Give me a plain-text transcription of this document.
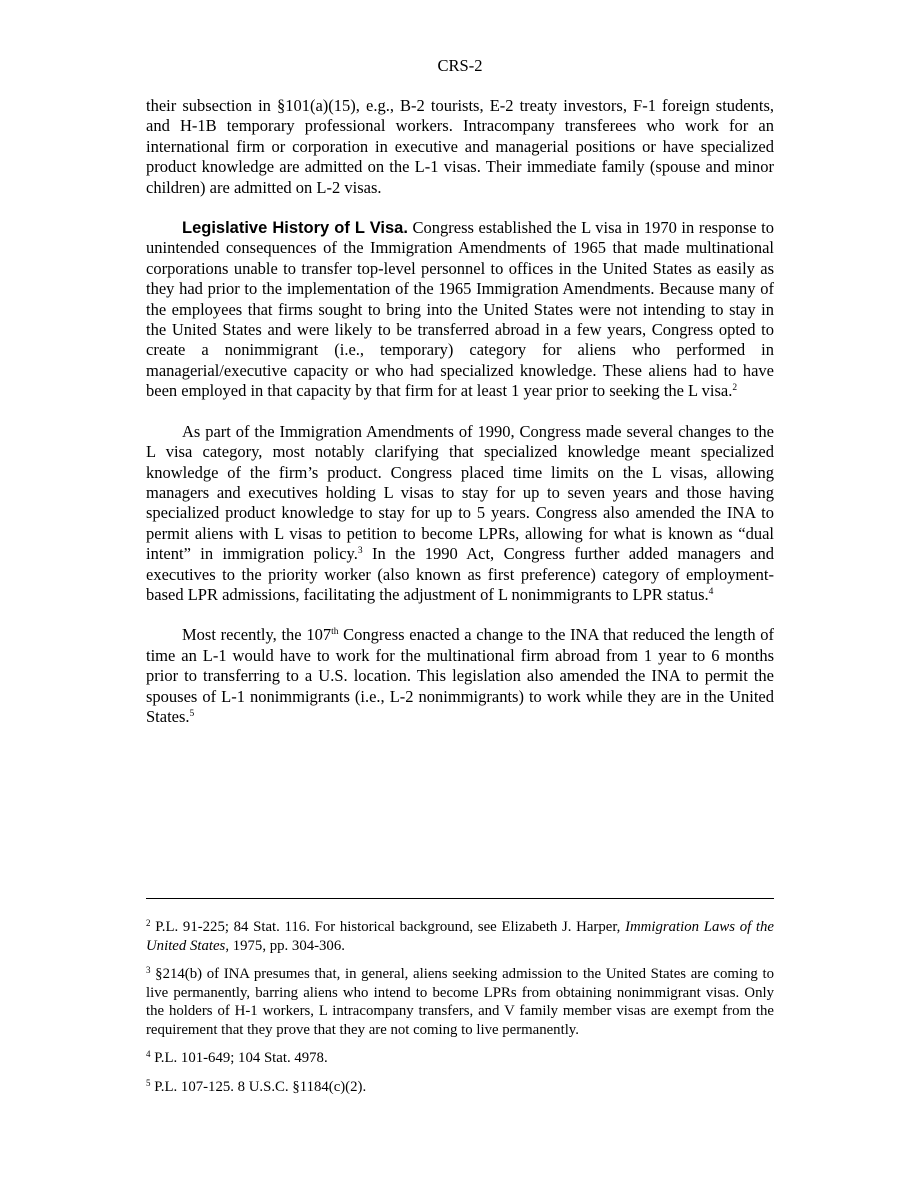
CRS-2

their subsection in §101(a)(15), e.g., B-2 tourists, E-2 treaty investors, F-1 foreign students, and H-1B temporary professional workers. Intracompany transferees who work for an international firm or corporation in executive and managerial positions or have specialized product knowledge are admitted on the L-1 visas. Their immediate family (spouse and minor children) are admitted on L-2 visas.

Legislative History of L Visa. Congress established the L visa in 1970 in response to unintended consequences of the Immigration Amendments of 1965 that made multinational corporations unable to transfer top-level personnel to offices in the United States as easily as they had prior to the implementation of the 1965 Immigration Amendments. Because many of the employees that firms sought to bring into the United States were not intending to stay in the United States and were likely to be transferred abroad in a few years, Congress opted to create a nonimmigrant (i.e., temporary) category for aliens who performed in managerial/executive capacity or who had specialized knowledge. These aliens had to have been employed in that capacity by that firm for at least 1 year prior to seeking the L visa.$^2$

As part of the Immigration Amendments of 1990, Congress made several changes to the L visa category, most notably clarifying that specialized knowledge meant specialized knowledge of the firm’s product. Congress placed time limits on the L visas, allowing managers and executives holding L visas to stay for up to seven years and those having specialized product knowledge to stay for up to 5 years. Congress also amended the INA to permit aliens with L visas to petition to become LPRs, allowing for what is known as “dual intent” in immigration policy.$^3$ In the 1990 Act, Congress further added managers and executives to the priority worker (also known as first preference) category of employment-based LPR admissions, facilitating the adjustment of L nonimmigrants to LPR status.$^4$

Most recently, the 107th Congress enacted a change to the INA that reduced the length of time an L-1 would have to work for the multinational firm abroad from 1 year to 6 months prior to transferring to a U.S. location. This legislation also amended the INA to permit the spouses of L-1 nonimmigrants (i.e., L-2 nonimmigrants) to work while they are in the United States.$^5$

$^2$ P.L. 91-225; 84 Stat. 116. For historical background, see Elizabeth J. Harper, Immigration Laws of the United States, 1975, pp. 304-306.

$^3$ §214(b) of INA presumes that, in general, aliens seeking admission to the United States are coming to live permanently, barring aliens who intend to become LPRs from obtaining nonimmigrant visas. Only the holders of H-1 workers, L intracompany transfers, and V family member visas are exempt from the requirement that they prove that they are not coming to live permanently.

$^4$ P.L. 101-649; 104 Stat. 4978.

$^5$ P.L. 107-125. 8 U.S.C. §1184(c)(2).
